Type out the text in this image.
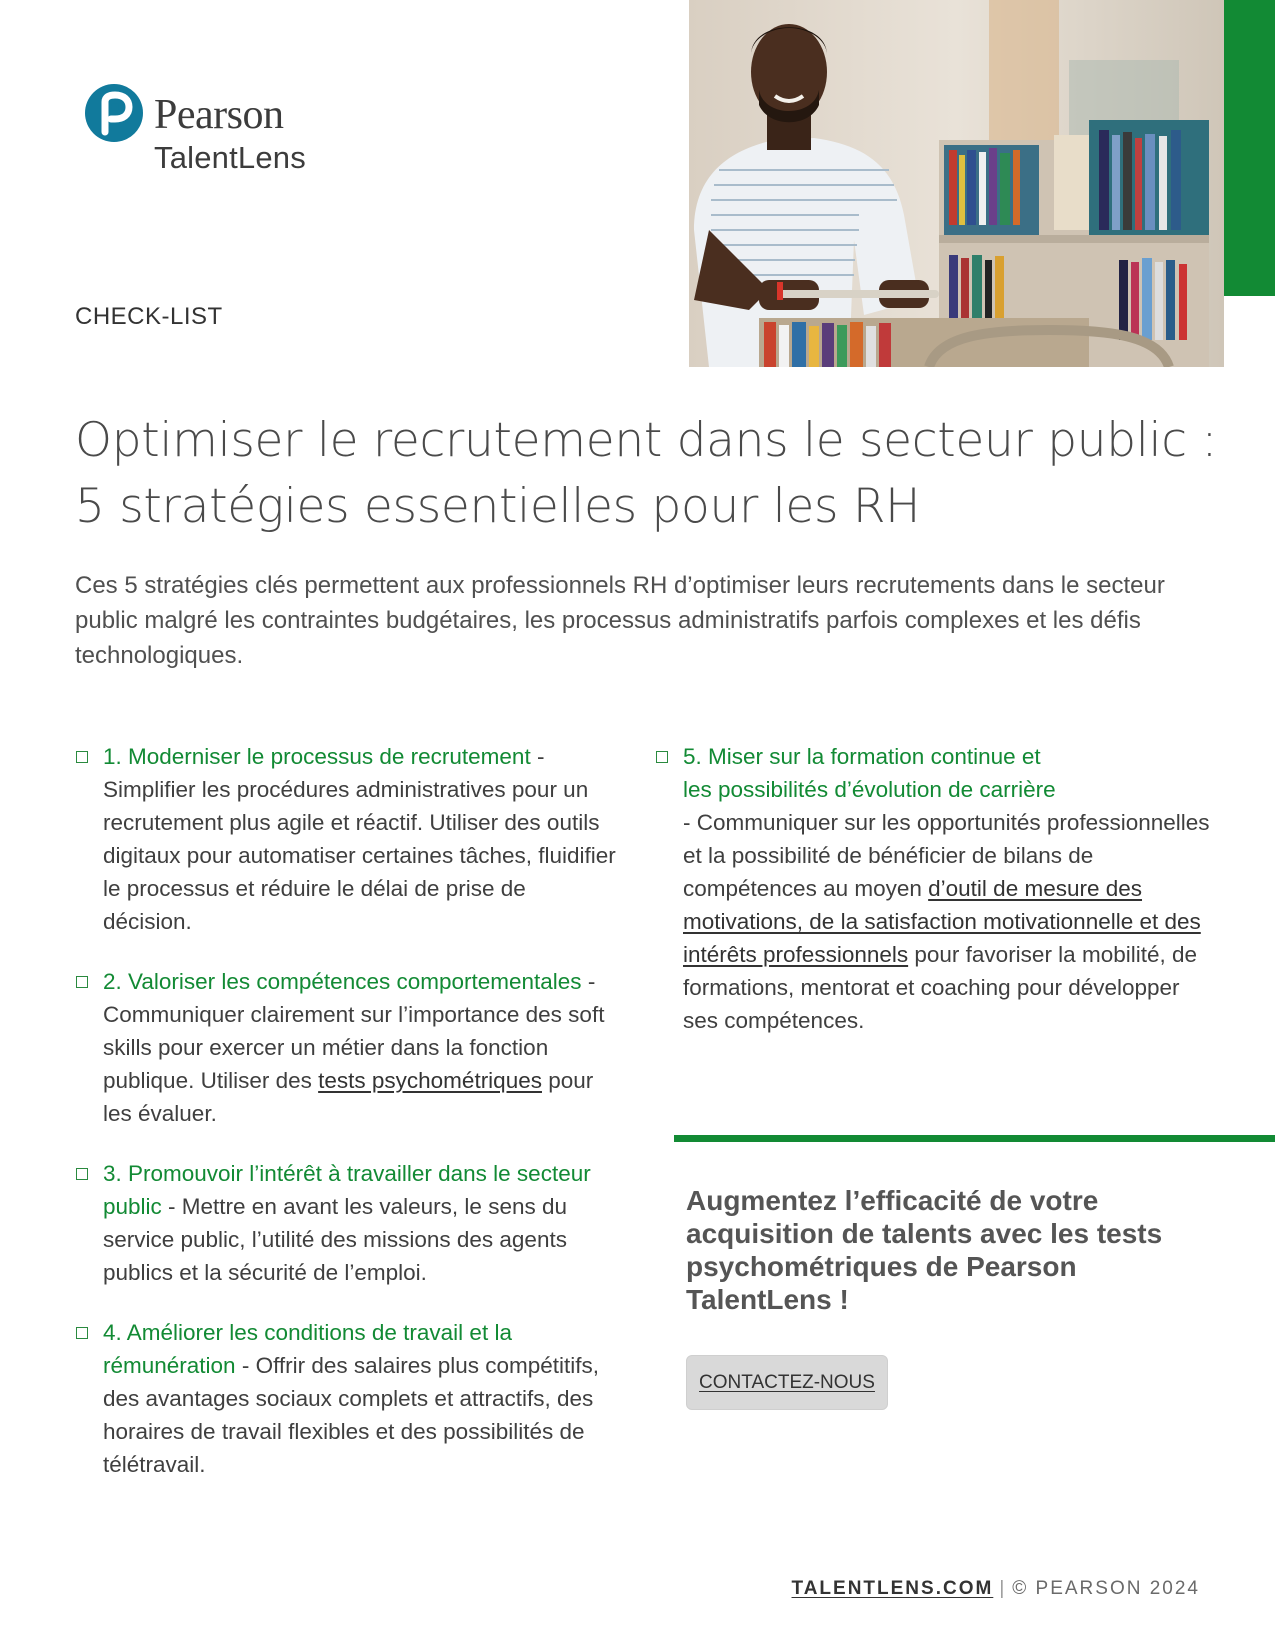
Pearson
TalentLens
CHECK-LIST
Optimiser le recrutement dans le secteur public :
5 stratégies essentielles pour les RH

Ces 5 stratégies clés permettent aux professionnels RH d’optimiser leurs recrutements dans le secteur public malgré les contraintes budgétaires, les processus administratifs parfois complexes et les défis technologiques.

1. Moderniser le processus de recrutement - Simplifier les procédures administratives pour un recrutement plus agile et réactif. Utiliser des outils digitaux pour automatiser certaines tâches, fluidifier le processus et réduire le délai de prise de décision.
2. Valoriser les compétences comportementales - Communiquer clairement sur l’importance des soft skills pour exercer un métier dans la fonction publique. Utiliser des tests psychométriques pour les évaluer.
3. Promouvoir l’intérêt à travailler dans le secteur public - Mettre en avant les valeurs, le sens du service public, l’utilité des missions des agents publics et la sécurité de l’emploi.
4. Améliorer les conditions de travail et la rémunération - Offrir des salaires plus compétitifs, des avantages sociaux complets et attractifs, des horaires de travail flexibles et des possibilités de télétravail.
5. Miser sur la formation continue et
les possibilités d’évolution de carrière
- Communiquer sur les opportunités professionnelles et la possibilité de bénéficier de bilans de compétences au moyen d’outil de mesure des motivations, de la satisfaction motivationnelle et des intérêts professionnels pour favoriser la mobilité, de formations, mentorat et coaching pour développer ses compétences.
Augmentez l’efficacité de votre acquisition de talents avec les tests psychométriques de Pearson TalentLens !
CONTACTEZ-NOUS
TALENTLENS.COM | © PEARSON 2024
